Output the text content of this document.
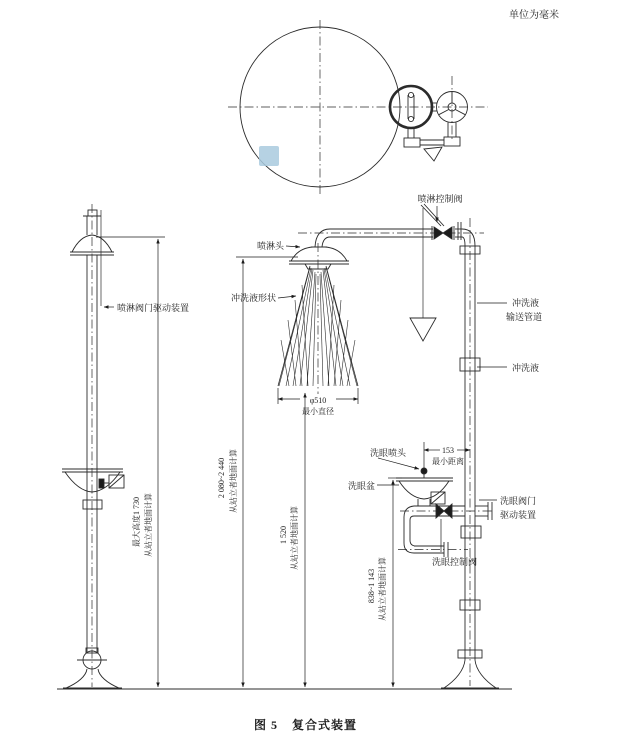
单位为毫米
喷淋头
冲洗液形状
喷淋阀门驱动装置
喷淋控制阀
冲洗液
输送管道
冲洗液
洗眼喷头
洗眼盆
洗眼阀门
驱动装置
洗眼控制阀
φ510
最小直径
153
最小距离
2 080~2 440 从站立者地面计算
1 520 从站立者地面计算
838~1 143 从站立者地面计算
最大高度1 730 从站立者地面计算
图 5 复合式装置
